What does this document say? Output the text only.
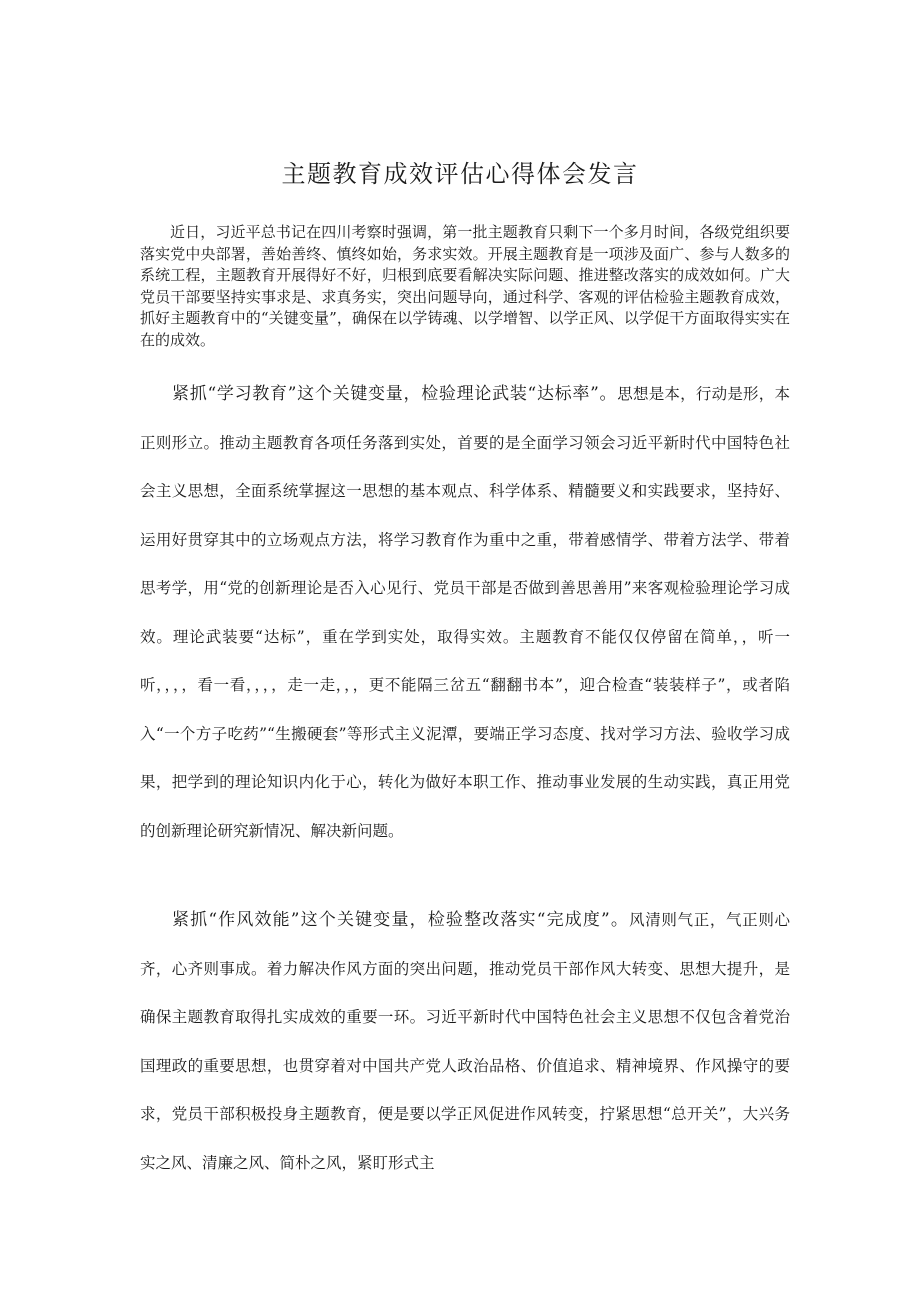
主题教育成效评估心得体会发言

近日，习近平总书记在四川考察时强调，第一批主题教育只剩下一个多月时间，各级党组织要落实党中央部署，善始善终、慎终如始，务求实效。开展主题教育是一项涉及面广、参与人数多的系统工程，主题教育开展得好不好，归根到底要看解决实际问题、推进整改落实的成效如何。广大党员干部要坚持实事求是、求真务实，突出问题导向，通过科学、客观的评估检验主题教育成效，抓好主题教育中的“关键变量”，确保在以学铸魂、以学增智、以学正风、以学促干方面取得实实在在的成效。

紧抓“学习教育”这个关键变量，检验理论武装“达标率”。思想是本，行动是形，本正则形立。推动主题教育各项任务落到实处，首要的是全面学习领会习近平新时代中国特色社会主义思想，全面系统掌握这一思想的基本观点、科学体系、精髓要义和实践要求，坚持好、运用好贯穿其中的立场观点方法，将学习教育作为重中之重，带着感情学、带着方法学、带着思考学，用“党的创新理论是否入心见行、党员干部是否做到善思善用”来客观检验理论学习成效。理论武装要“达标”，重在学到实处，取得实效。主题教育不能仅仅停留在简单，，听一听，，，，看一看，，，，走一走，，，更不能隔三岔五“翻翻书本”，迎合检查“装装样子”，或者陷入“一个方子吃药”“生搬硬套”等形式主义泥潭，要端正学习态度、找对学习方法、验收学习成果，把学到的理论知识内化于心，转化为做好本职工作、推动事业发展的生动实践，真正用党的创新理论研究新情况、解决新问题。

紧抓“作风效能”这个关键变量，检验整改落实“完成度”。风清则气正，气正则心齐，心齐则事成。着力解决作风方面的突出问题，推动党员干部作风大转变、思想大提升，是确保主题教育取得扎实成效的重要一环。习近平新时代中国特色社会主义思想不仅包含着党治国理政的重要思想，也贯穿着对中国共产党人政治品格、价值追求、精神境界、作风操守的要求，党员干部积极投身主题教育，便是要以学正风促进作风转变，拧紧思想“总开关”，大兴务实之风、清廉之风、简朴之风，紧盯形式主
